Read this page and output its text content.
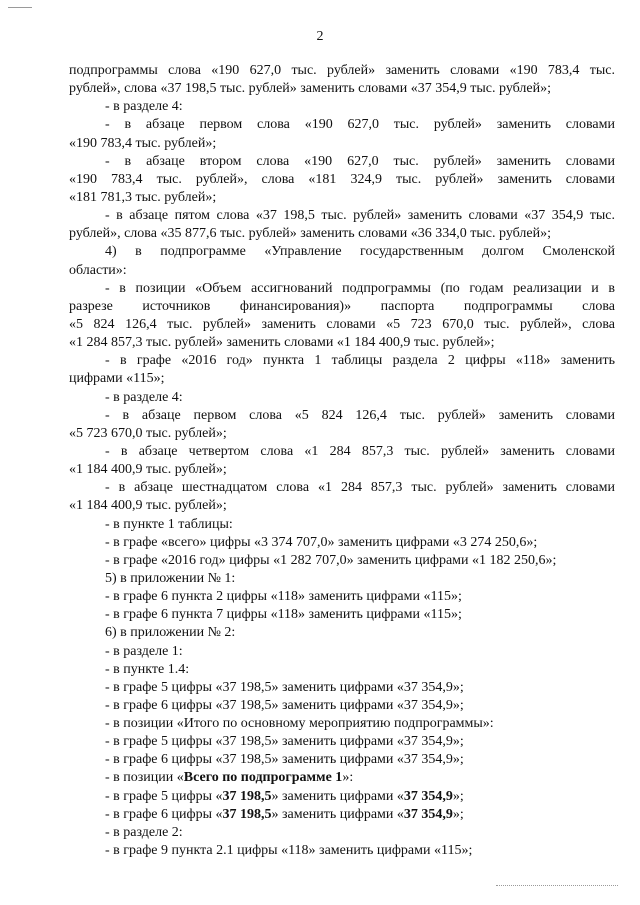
2
подпрограммы слова «190 627,0 тыс. рублей» заменить словами «190 783,4 тыс.
рублей», слова «37 198,5 тыс. рублей» заменить словами «37 354,9 тыс. рублей»;
- в разделе 4:
- в абзаце первом слова «190 627,0 тыс. рублей» заменить словами
«190 783,4 тыс. рублей»;
- в абзаце втором слова «190 627,0 тыс. рублей» заменить словами
«190 783,4 тыс. рублей», слова «181 324,9 тыс. рублей» заменить словами
«181 781,3 тыс. рублей»;
- в абзаце пятом слова «37 198,5 тыс. рублей» заменить словами «37 354,9 тыс.
рублей», слова «35 877,6 тыс. рублей» заменить словами «36 334,0 тыс. рублей»;
4) в подпрограмме «Управление государственным долгом Смоленской
области»:
- в позиции «Объем ассигнований подпрограммы (по годам реализации и в
разрезе источников финансирования)» паспорта подпрограммы слова
«5 824 126,4 тыс. рублей» заменить словами «5 723 670,0 тыс. рублей», слова
«1 284 857,3 тыс. рублей» заменить словами «1 184 400,9 тыс. рублей»;
- в графе «2016 год» пункта 1 таблицы раздела 2 цифры «118» заменить
цифрами «115»;
- в разделе 4:
- в абзаце первом слова «5 824 126,4 тыс. рублей» заменить словами
«5 723 670,0 тыс. рублей»;
- в абзаце четвертом слова «1 284 857,3 тыс. рублей» заменить словами
«1 184 400,9 тыс. рублей»;
- в абзаце шестнадцатом слова «1 284 857,3 тыс. рублей» заменить словами
«1 184 400,9 тыс. рублей»;
- в пункте 1 таблицы:
- в графе «всего» цифры «3 374 707,0» заменить цифрами «3 274 250,6»;
- в графе «2016 год» цифры «1 282 707,0» заменить цифрами «1 182 250,6»;
5) в приложении № 1:
- в графе 6 пункта 2 цифры «118» заменить цифрами «115»;
- в графе 6 пункта 7 цифры «118» заменить цифрами «115»;
6) в приложении № 2:
- в разделе 1:
- в пункте 1.4:
- в графе 5 цифры «37 198,5» заменить цифрами «37 354,9»;
- в графе 6 цифры «37 198,5» заменить цифрами «37 354,9»;
- в позиции «Итого по основному мероприятию подпрограммы»:
- в графе 5 цифры «37 198,5» заменить цифрами «37 354,9»;
- в графе 6 цифры «37 198,5» заменить цифрами «37 354,9»;
- в позиции «Всего по подпрограмме 1»:
- в графе 5 цифры «37 198,5» заменить цифрами «37 354,9»;
- в графе 6 цифры «37 198,5» заменить цифрами «37 354,9»;
- в разделе 2:
- в графе 9 пункта 2.1 цифры «118» заменить цифрами «115»;
